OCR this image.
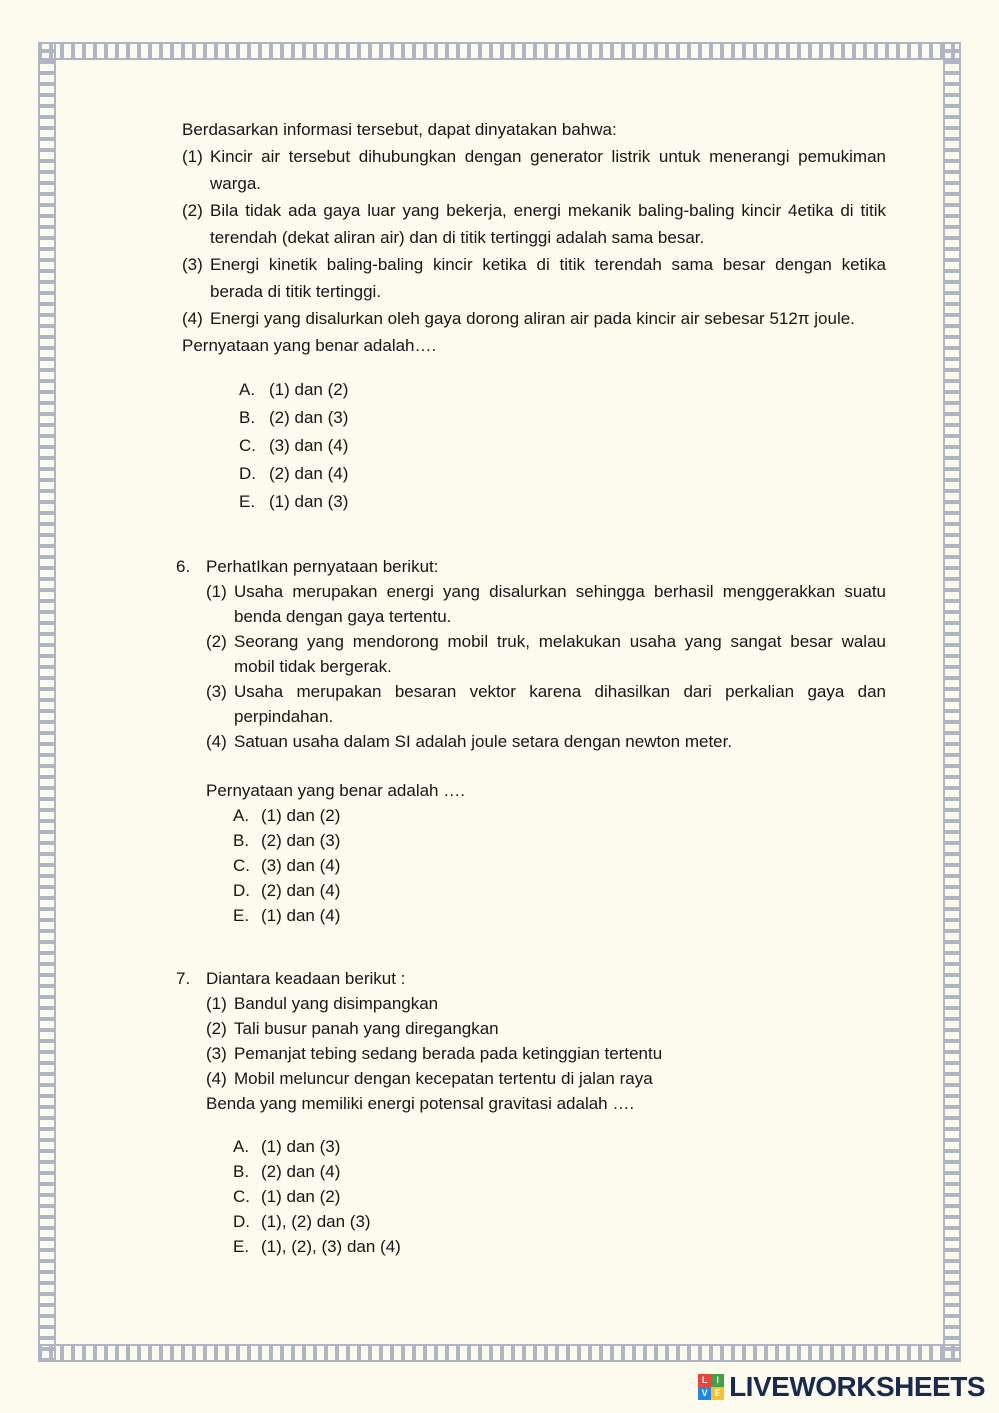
Berdasarkan informasi tersebut, dapat dinyatakan bahwa:
(1) Kincir air tersebut dihubungkan dengan generator listrik untuk menerangi pemukiman warga.
(2) Bila tidak ada gaya luar yang bekerja, energi mekanik baling-baling kincir 4etika di titik terendah (dekat aliran air) dan di titik tertinggi adalah sama besar.
(3) Energi kinetik baling-baling kincir ketika di titik terendah sama besar dengan ketika berada di titik tertinggi.
(4) Energi yang disalurkan oleh gaya dorong aliran air pada kincir air sebesar 512π joule.
Pernyataan yang benar adalah….
A. (1) dan (2)
B. (2) dan (3)
C. (3) dan (4)
D. (2) dan (4)
E. (1) dan (3)
6. PerhatIkan pernyataan berikut:
(1) Usaha merupakan energi yang disalurkan sehingga berhasil menggerakkan suatu benda dengan gaya tertentu.
(2) Seorang yang mendorong mobil truk, melakukan usaha yang sangat besar walau mobil tidak bergerak.
(3) Usaha merupakan besaran vektor karena dihasilkan dari perkalian gaya dan perpindahan.
(4) Satuan usaha dalam SI adalah joule setara dengan newton meter.
Pernyataan yang benar adalah ….
A. (1) dan (2)
B. (2) dan (3)
C. (3) dan (4)
D. (2) dan (4)
E. (1) dan (4)
7. Diantara keadaan berikut :
(1) Bandul yang disimpangkan
(2) Tali busur panah yang diregangkan
(3) Pemanjat tebing sedang berada pada ketinggian tertentu
(4) Mobil meluncur dengan kecepatan tertentu di jalan raya
Benda yang memiliki energi potensal gravitasi adalah ….
A. (1) dan (3)
B. (2) dan (4)
C. (1) dan (2)
D. (1), (2) dan (3)
E. (1), (2), (3) dan (4)
L I
V E LIVEWORKSHEETS
